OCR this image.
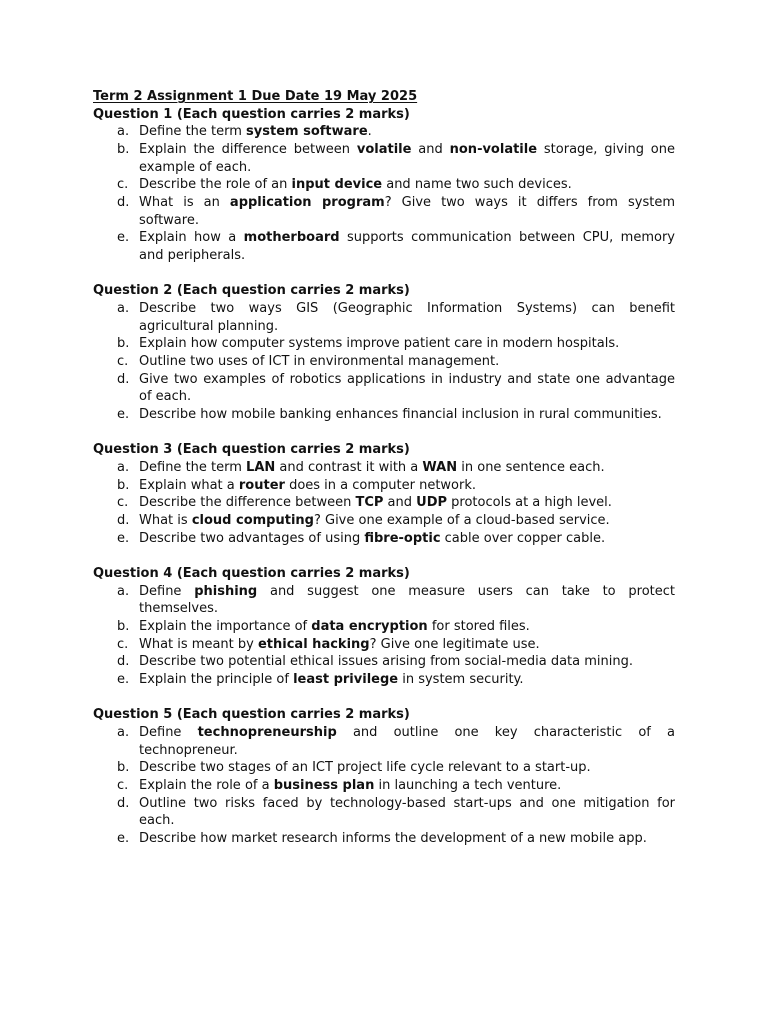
Term 2 Assignment 1 Due Date 19 May 2025
Question 1 (Each question carries 2 marks)
a. Define the term system software.
b. Explain the difference between volatile and non-volatile storage, giving one
example of each.
c. Describe the role of an input device and name two such devices.
d. What is an application program? Give two ways it differs from system
software.
e. Explain how a motherboard supports communication between CPU, memory
and peripherals.
Question 2 (Each question carries 2 marks)
a. Describe two ways GIS (Geographic Information Systems) can benefit
agricultural planning.
b. Explain how computer systems improve patient care in modern hospitals.
c. Outline two uses of ICT in environmental management.
d. Give two examples of robotics applications in industry and state one advantage
of each.
e. Describe how mobile banking enhances financial inclusion in rural communities.
Question 3 (Each question carries 2 marks)
a. Define the term LAN and contrast it with a WAN in one sentence each.
b. Explain what a router does in a computer network.
c. Describe the difference between TCP and UDP protocols at a high level.
d. What is cloud computing? Give one example of a cloud-based service.
e. Describe two advantages of using fibre-optic cable over copper cable.
Question 4 (Each question carries 2 marks)
a. Define phishing and suggest one measure users can take to protect
themselves.
b. Explain the importance of data encryption for stored files.
c. What is meant by ethical hacking? Give one legitimate use.
d. Describe two potential ethical issues arising from social-media data mining.
e. Explain the principle of least privilege in system security.
Question 5 (Each question carries 2 marks)
a. Define technopreneurship and outline one key characteristic of a
technopreneur.
b. Describe two stages of an ICT project life cycle relevant to a start-up.
c. Explain the role of a business plan in launching a tech venture.
d. Outline two risks faced by technology-based start-ups and one mitigation for
each.
e. Describe how market research informs the development of a new mobile app.
